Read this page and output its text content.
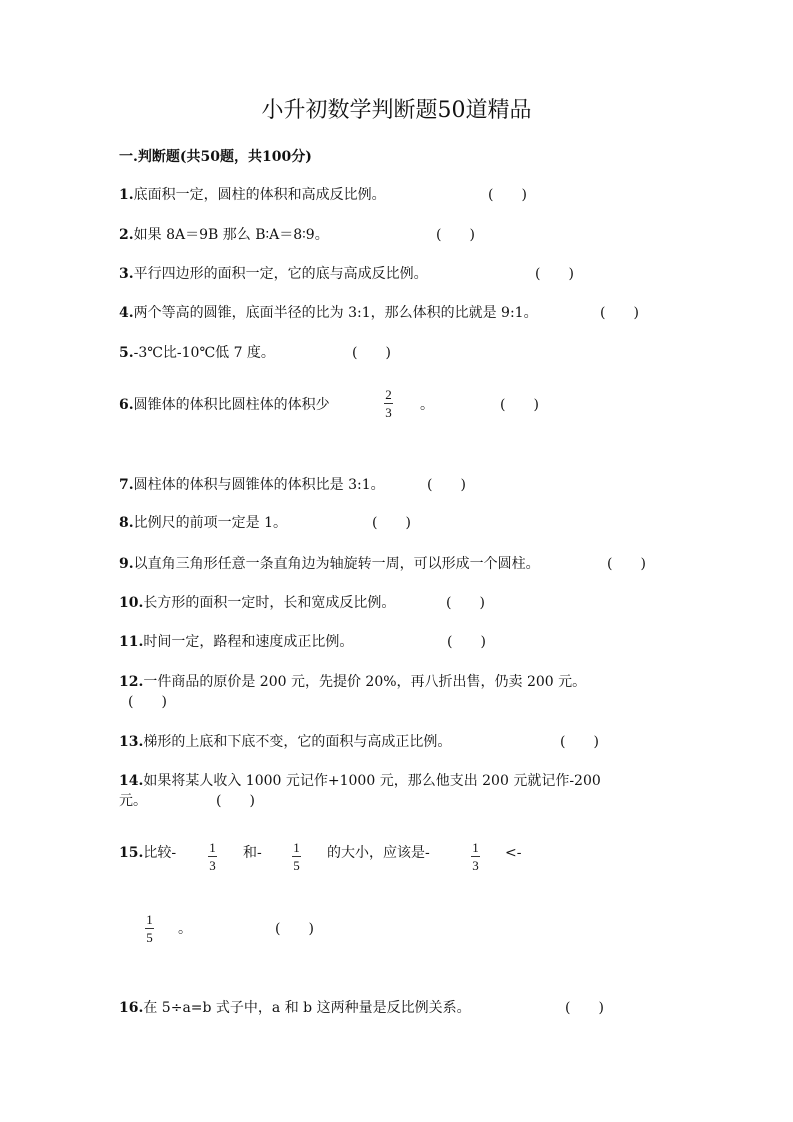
小升初数学判断题50道精品
一.判断题(共50题，共100分)
1.底面积一定，圆柱的体积和高成反比例。	(　　)
2.如果 8A＝9B 那么 B∶A＝8∶9。	(　　)
3.平行四边形的面积一定，它的底与高成反比例。	(　　)
4.两个等高的圆锥，底面半径的比为 3:1，那么体积的比就是 9:1。	(　　)
5.-3℃比-10℃低 7 度。	(　　)
6.圆锥体的体积比圆柱体的体积少
2
3 。	(　　)
7.圆柱体的体积与圆锥体的体积比是 3:1。	(　　)
8.比例尺的前项一定是 1。	(　　)
9.以直角三角形任意一条直角边为轴旋转一周，可以形成一个圆柱。	(　　)
10.长方形的面积一定时，长和宽成反比例。	(　　)
11.时间一定，路程和速度成正比例。	(　　)
12.一件商品的原价是 200 元，先提价 20%，再八折出售，仍卖 200 元。
(　　)
13.梯形的上底和下底不变，它的面积与高成正比例。	(　　)
14.如果将某人收入 1000 元记作+1000 元，那么他支出 200 元就记作-200
元。	(　　)
15.比较-	和-	的大小，应该是-	<-
。
1
3
1
5
1
3
1
5
(　　)
16.在 5÷a=b 式子中，a 和 b 这两种量是反比例关系。	(　　)
